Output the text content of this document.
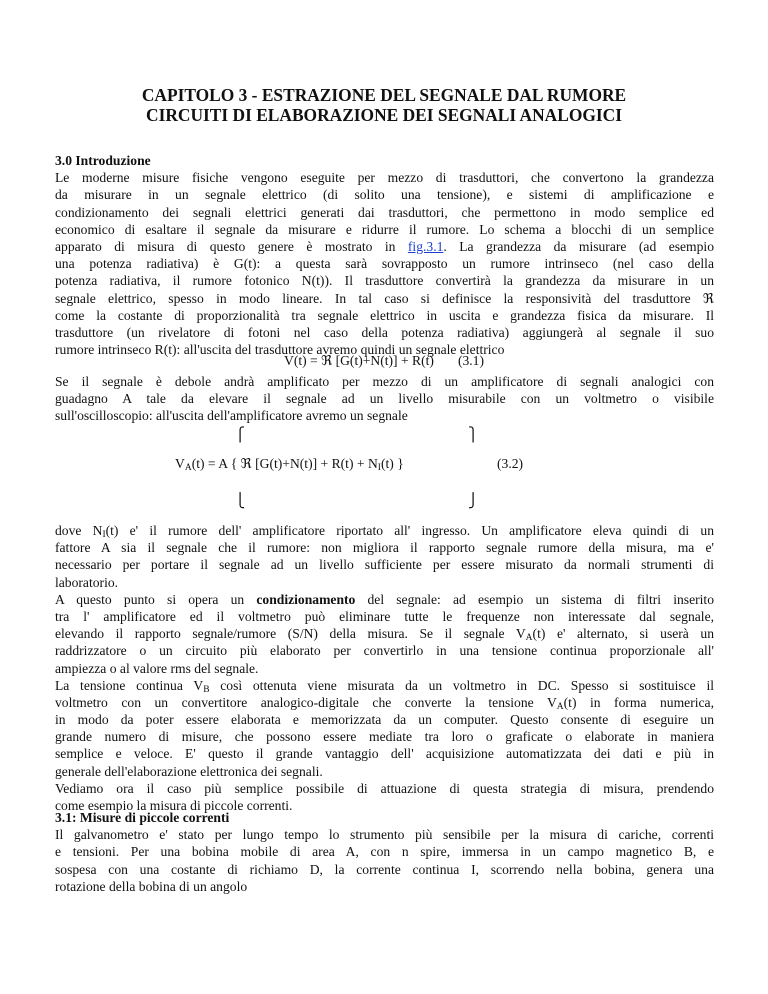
CAPITOLO 3 - ESTRAZIONE DEL SEGNALE DAL RUMORE
CIRCUITI DI ELABORAZIONE DEI SEGNALI ANALOGICI
3.0 Introduzione
Le moderne misure fisiche vengono eseguite per mezzo di trasduttori, che convertono la grandezza
da misurare in un segnale elettrico (di solito una tensione), e sistemi di amplificazione e
condizionamento dei segnali elettrici generati dai trasduttori, che permettono in modo semplice ed
economico di esaltare il segnale da misurare e ridurre il rumore. Lo schema a blocchi di un semplice
apparato di misura di questo genere è mostrato in fig.3.1. La grandezza da misurare (ad esempio
una potenza radiativa) è G(t): a questa sarà sovrapposto un rumore intrinseco (nel caso della
potenza radiativa, il rumore fotonico N(t)). Il trasduttore convertirà la grandezza da misurare in un
segnale elettrico, spesso in modo lineare. In tal caso si definisce la responsività del trasduttore ℜ
come la costante di proporzionalità tra segnale elettrico in uscita e grandezza fisica da misurare. Il
trasduttore (un rivelatore di fotoni nel caso della potenza radiativa) aggiungerà al segnale il suo
rumore intrinseco R(t): all'uscita del trasduttore avremo quindi un segnale elettrico
V(t) = ℜ [G(t)+N(t)] + R(t) (3.1)
Se il segnale è debole andrà amplificato per mezzo di un amplificatore di segnali analogici con
guadagno A tale da elevare il segnale ad un livello misurabile con un voltmetro o visibile
sull'oscilloscopio: all'uscita dell'amplificatore avremo un segnale
⎧	⎫
$V_A(t) = A$ { ℜ $[G(t)+N(t)] + R(t) + N_I(t)$ }	(3.2)
⎩	⎭
dove $N_I(t)$ e' il rumore dell' amplificatore riportato all' ingresso. Un amplificatore eleva quindi di un
fattore A sia il segnale che il rumore: non migliora il rapporto segnale rumore della misura, ma e'
necessario per portare il segnale ad un livello sufficiente per essere misurato da normali strumenti di
laboratorio.
A questo punto si opera un condizionamento del segnale: ad esempio un sistema di filtri inserito
tra l' amplificatore ed il voltmetro può eliminare tutte le frequenze non interessate dal segnale,
elevando il rapporto segnale/rumore (S/N) della misura. Se il segnale $V_A(t)$ e' alternato, si userà un
raddrizzatore o un circuito più elaborato per convertirlo in una tensione continua proporzionale all'
ampiezza o al valore rms del segnale.
La tensione continua $V_B$ così ottenuta viene misurata da un voltmetro in DC. Spesso si sostituisce il
voltmetro con un convertitore analogico-digitale che converte la tensione $V_A(t)$ in forma numerica,
in modo da poter essere elaborata e memorizzata da un computer. Questo consente di eseguire un
grande numero di misure, che possono essere mediate tra loro o graficate o elaborate in maniera
semplice e veloce. E' questo il grande vantaggio dell' acquisizione automatizzata dei dati e più in
generale dell'elaborazione elettronica dei segnali.
Vediamo ora il caso più semplice possibile di attuazione di questa strategia di misura, prendendo
come esempio la misura di piccole correnti.
3.1: Misure di piccole correnti
Il galvanometro e' stato per lungo tempo lo strumento più sensibile per la misura di cariche, correnti
e tensioni. Per una bobina mobile di area A, con n spire, immersa in un campo magnetico B, e
sospesa con una costante di richiamo D, la corrente continua I, scorrendo nella bobina, genera una
rotazione della bobina di un angolo
